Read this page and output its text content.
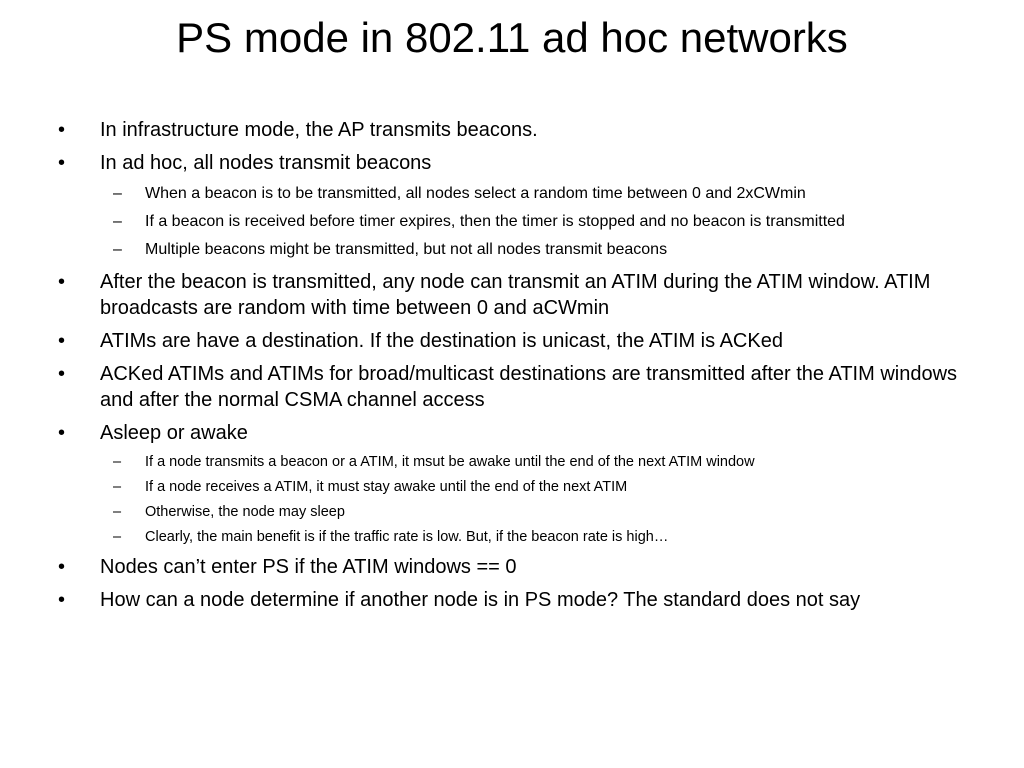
PS mode in 802.11 ad hoc networks
• In infrastructure mode, the AP transmits beacons.
• In ad hoc, all nodes transmit beacons
– When a beacon is to be transmitted, all nodes select a random time between 0 and 2xCWmin
– If a beacon is received before timer expires, then the timer is stopped and no beacon is transmitted
– Multiple beacons might be transmitted, but not all nodes transmit beacons
• After the beacon is transmitted, any node can transmit an ATIM during the ATIM window. ATIM broadcasts are random with time between 0 and aCWmin
• ATIMs are have a destination. If the destination is unicast, the ATIM is ACKed
• ACKed ATIMs and ATIMs for broad/multicast destinations are transmitted after the ATIM windows and after the normal CSMA channel access
• Asleep or awake
– If a node transmits a beacon or a ATIM, it msut be awake until the end of the next ATIM window
– If a node receives a ATIM, it must stay awake until the end of the next ATIM
– Otherwise, the node may sleep
– Clearly, the main benefit is if the traffic rate is low. But, if the beacon rate is high…
• Nodes can’t enter PS if the ATIM windows == 0
• How can a node determine if another node is in PS mode? The standard does not say
